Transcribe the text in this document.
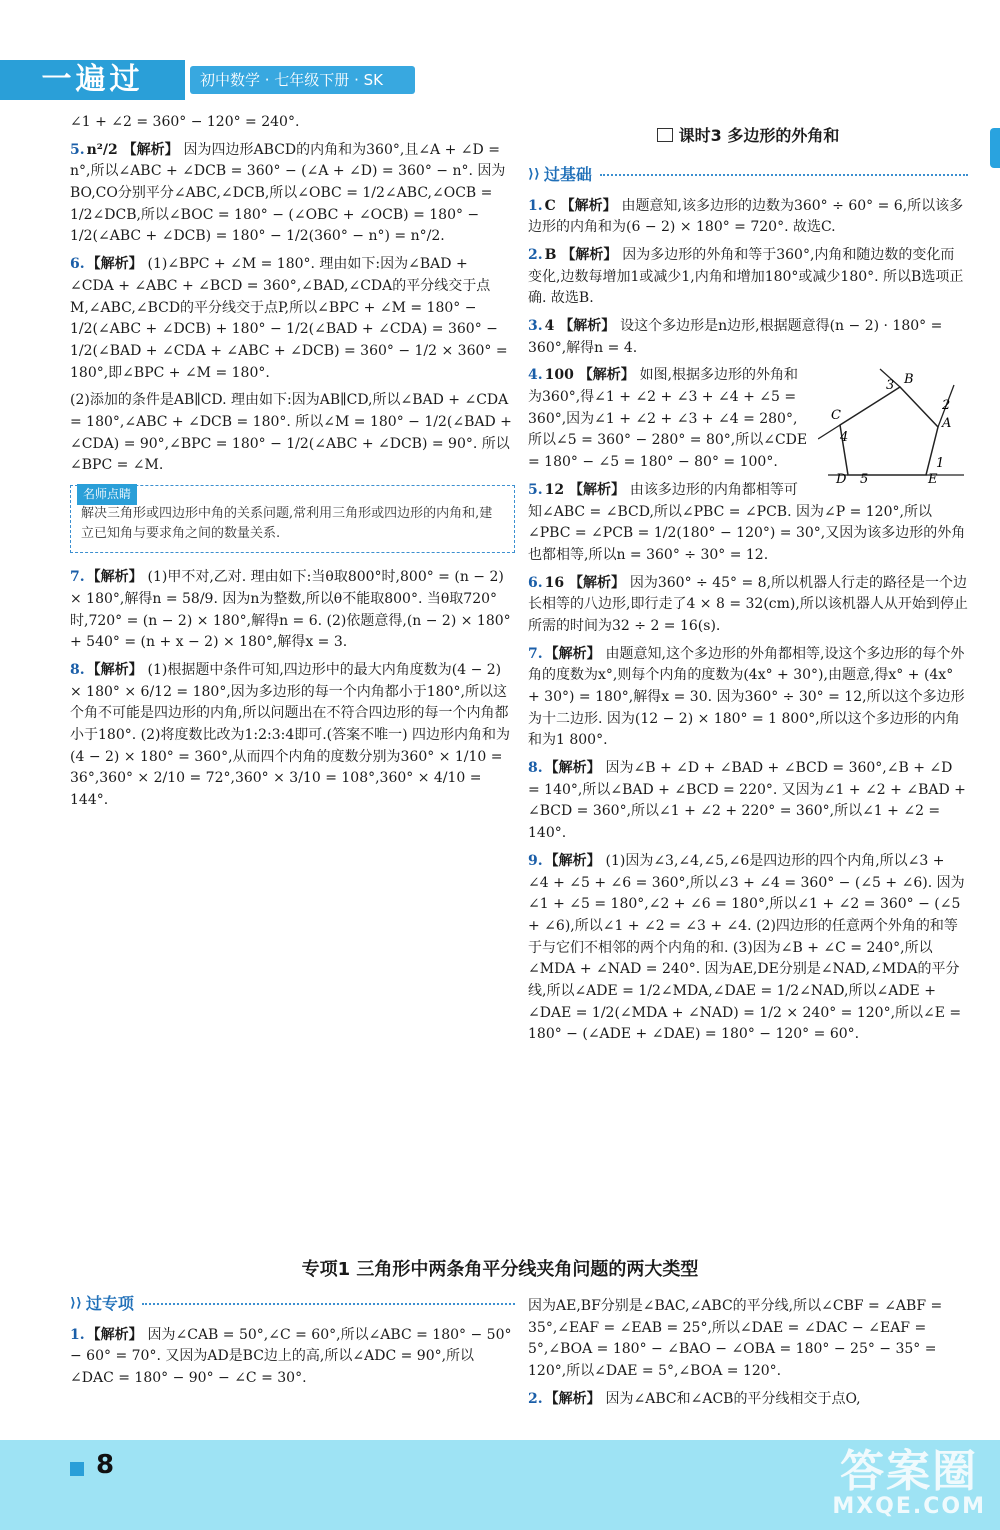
一遍过	初中数学 · 七年级下册 · SK

∠1 + ∠2 = 360° − 120° = 240°.

5. n²/2 【解析】 因为四边形ABCD的内角和为360°,且∠A + ∠D = n°,所以∠ABC + ∠DCB = 360° − (∠A + ∠D) = 360° − n°. 因为BO,CO分别平分∠ABC,∠DCB,所以∠OBC = 1/2∠ABC,∠OCB = 1/2∠DCB,所以∠BOC = 180° − (∠OBC + ∠OCB) = 180° − 1/2(∠ABC + ∠DCB) = 180° − 1/2(360° − n°) = n°/2.

6. 【解析】 (1)∠BPC + ∠M = 180°. 理由如下:因为∠BAD + ∠CDA + ∠ABC + ∠BCD = 360°,∠BAD,∠CDA的平分线交于点M,∠ABC,∠BCD的平分线交于点P,所以∠BPC + ∠M = 180° − 1/2(∠ABC + ∠DCB) + 180° − 1/2(∠BAD + ∠CDA) = 360° − 1/2(∠BAD + ∠CDA + ∠ABC + ∠DCB) = 360° − 1/2 × 360° = 180°,即∠BPC + ∠M = 180°.

(2)添加的条件是AB∥CD. 理由如下:因为AB∥CD,所以∠BAD + ∠CDA = 180°,∠ABC + ∠DCB = 180°. 所以∠M = 180° − 1/2(∠BAD + ∠CDA) = 90°,∠BPC = 180° − 1/2(∠ABC + ∠DCB) = 90°. 所以∠BPC = ∠M.

名师点睛
解决三角形或四边形中角的关系问题,常利用三角形或四边形的内角和,建立已知角与要求角之间的数量关系.

7. 【解析】 (1)甲不对,乙对. 理由如下:当θ取800°时,800° = (n − 2) × 180°,解得n = 58/9. 因为n为整数,所以θ不能取800°. 当θ取720°时,720° = (n − 2) × 180°,解得n = 6. (2)依题意得,(n − 2) × 180° + 540° = (n + x − 2) × 180°,解得x = 3.

8. 【解析】 (1)根据题中条件可知,四边形中的最大内角度数为(4 − 2) × 180° × 6/12 = 180°,因为多边形的每一个内角都小于180°,所以这个角不可能是四边形的内角,所以问题出在不符合四边形的每一个内角都小于180°. (2)将度数比改为1:2:3:4即可.(答案不唯一) 四边形内角和为(4 − 2) × 180° = 360°,从而四个内角的度数分别为360° × 1/10 = 36°,360° × 2/10 = 72°,360° × 3/10 = 108°,360° × 4/10 = 144°.

课时3 多边形的外角和
⟩⟩ 过基础

1. C 【解析】 由题意知,该多边形的边数为360° ÷ 60° = 6,所以该多边形的内角和为(6 − 2) × 180° = 720°. 故选C.

2. B 【解析】 因为多边形的外角和等于360°,内角和随边数的变化而变化,边数每增加1或减少1,内角和增加180°或减少180°. 所以B选项正确. 故选B.

3. 4 【解析】 设这个多边形是n边形,根据题意得(n − 2) · 180° = 360°,解得n = 4.

B
A
C
D	E
1
2
3
4
5
4. 100 【解析】 如图,根据多边形的外角和为360°,得∠1 + ∠2 + ∠3 + ∠4 + ∠5 = 360°,因为∠1 + ∠2 + ∠3 + ∠4 = 280°,所以∠5 = 360° − 280° = 80°,所以∠CDE = 180° − ∠5 = 180° − 80° = 100°.

5. 12 【解析】 由该多边形的内角都相等可知∠ABC = ∠BCD,所以∠PBC = ∠PCB. 因为∠P = 120°,所以∠PBC = ∠PCB = 1/2(180° − 120°) = 30°,又因为该多边形的外角也都相等,所以n = 360° ÷ 30° = 12.

6. 16 【解析】 因为360° ÷ 45° = 8,所以机器人行走的路径是一个边长相等的八边形,即行走了4 × 8 = 32(cm),所以该机器人从开始到停止所需的时间为32 ÷ 2 = 16(s).

7. 【解析】 由题意知,这个多边形的外角都相等,设这个多边形的每个外角的度数为x°,则每个内角的度数为(4x° + 30°),由题意,得x° + (4x° + 30°) = 180°,解得x = 30. 因为360° ÷ 30° = 12,所以这个多边形为十二边形. 因为(12 − 2) × 180° = 1 800°,所以这个多边形的内角和为1 800°.

8. 【解析】 因为∠B + ∠D + ∠BAD + ∠BCD = 360°,∠B + ∠D = 140°,所以∠BAD + ∠BCD = 220°. 又因为∠1 + ∠2 + ∠BAD + ∠BCD = 360°,所以∠1 + ∠2 + 220° = 360°,所以∠1 + ∠2 = 140°.

9. 【解析】 (1)因为∠3,∠4,∠5,∠6是四边形的四个内角,所以∠3 + ∠4 + ∠5 + ∠6 = 360°,所以∠3 + ∠4 = 360° − (∠5 + ∠6). 因为∠1 + ∠5 = 180°,∠2 + ∠6 = 180°,所以∠1 + ∠2 = 360° − (∠5 + ∠6),所以∠1 + ∠2 = ∠3 + ∠4. (2)四边形的任意两个外角的和等于与它们不相邻的两个内角的和. (3)因为∠B + ∠C = 240°,所以∠MDA + ∠NAD = 240°. 因为AE,DE分别是∠NAD,∠MDA的平分线,所以∠ADE = 1/2∠MDA,∠DAE = 1/2∠NAD,所以∠ADE + ∠DAE = 1/2(∠MDA + ∠NAD) = 1/2 × 240° = 120°,所以∠E = 180° − (∠ADE + ∠DAE) = 180° − 120° = 60°.

专项1 三角形中两条角平分线夹角问题的两大类型
⟩⟩ 过专项

1. 【解析】 因为∠CAB = 50°,∠C = 60°,所以∠ABC = 180° − 50° − 60° = 70°. 又因为AD是BC边上的高,所以∠ADC = 90°,所以∠DAC = 180° − 90° − ∠C = 30°.

因为AE,BF分别是∠BAC,∠ABC的平分线,所以∠CBF = ∠ABF = 35°,∠EAF = ∠EAB = 25°,所以∠DAE = ∠DAC − ∠EAF = 5°,∠BOA = 180° − ∠BAO − ∠OBA = 180° − 25° − 35° = 120°,所以∠DAE = 5°,∠BOA = 120°.

2. 【解析】 因为∠ABC和∠ACB的平分线相交于点O,

8	答案圈
MXQE.COM
